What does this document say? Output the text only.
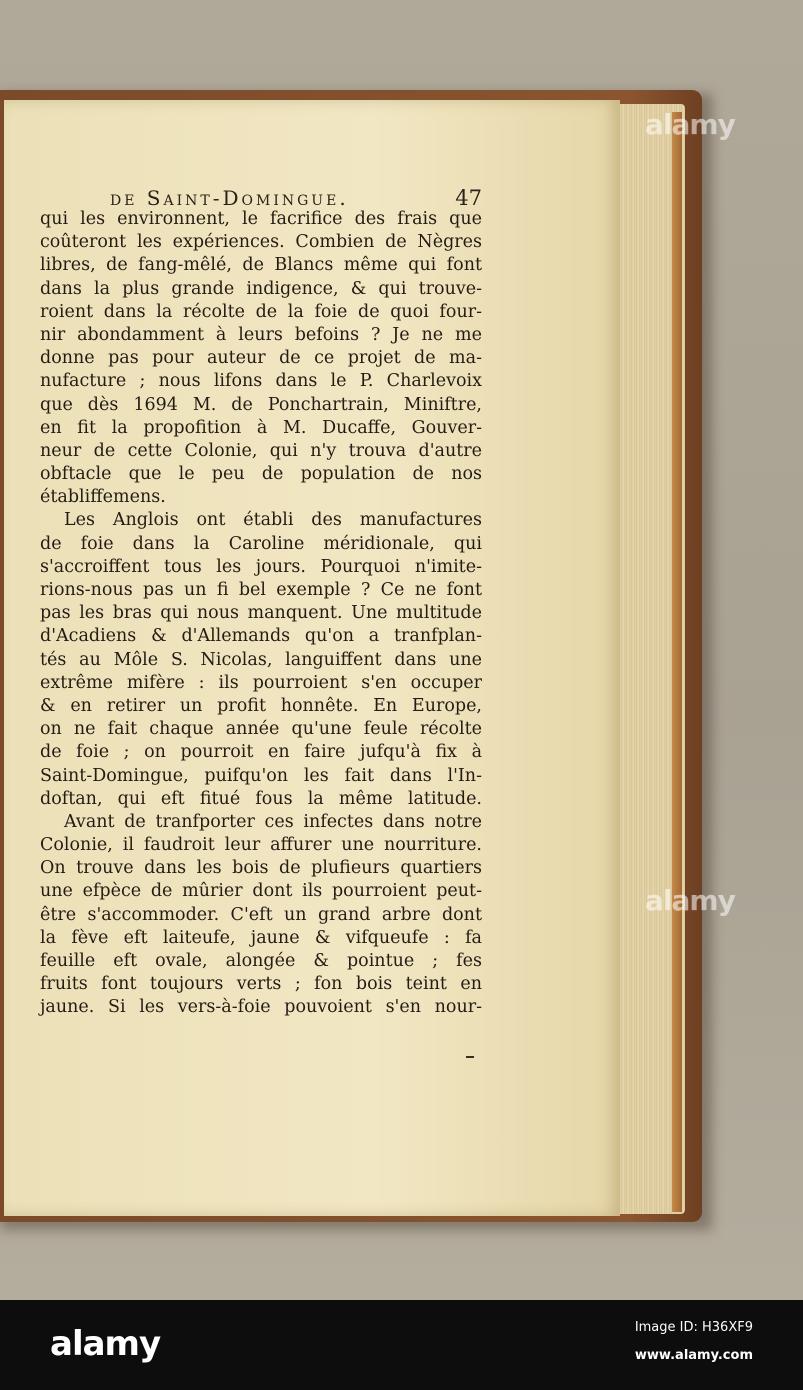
de Saint-Domingue.	47
qui les environnent, le facrifice des frais que
coûteront les expériences. Combien de Nègres
libres, de fang-mêlé, de Blancs même qui font
dans la plus grande indigence, & qui trouve-
roient dans la récolte de la foie de quoi four-
nir abondamment à leurs befoins ? Je ne me
donne pas pour auteur de ce projet de ma-
nufacture ; nous lifons dans le P. Charlevoix
que dès 1694 M. de Ponchartrain, Miniftre,
en fit la propofition à M. Ducaffe, Gouver-
neur de cette Colonie, qui n'y trouva d'autre
obftacle que le peu de population de nos
établiffemens.
Les Anglois ont établi des manufactures
de foie dans la Caroline méridionale, qui
s'accroiffent tous les jours. Pourquoi n'imite-
rions-nous pas un fi bel exemple ? Ce ne font
pas les bras qui nous manquent. Une multitude
d'Acadiens & d'Allemands qu'on a tranfplan-
tés au Môle S. Nicolas, languiffent dans une
extrême mifère : ils pourroient s'en occuper
& en retirer un profit honnête. En Europe,
on ne fait chaque année qu'une feule récolte
de foie ; on pourroit en faire jufqu'à fix à
Saint-Domingue, puifqu'on les fait dans l'In-
doftan, qui eft fitué fous la même latitude.
Avant de tranfporter ces infectes dans notre
Colonie, il faudroit leur affurer une nourriture.
On trouve dans les bois de plufieurs quartiers
une efpèce de mûrier dont ils pourroient peut-
être s'accommoder. C'eft un grand arbre dont
la fève eft laiteufe, jaune & vifqueufe : fa
feuille eft ovale, alongée & pointue ; fes
fruits font toujours verts ; fon bois teint en
jaune. Si les vers-à-foie pouvoient s'en nour-
alamy
alamy
alamy	Image ID: H36XF9
www.alamy.com
